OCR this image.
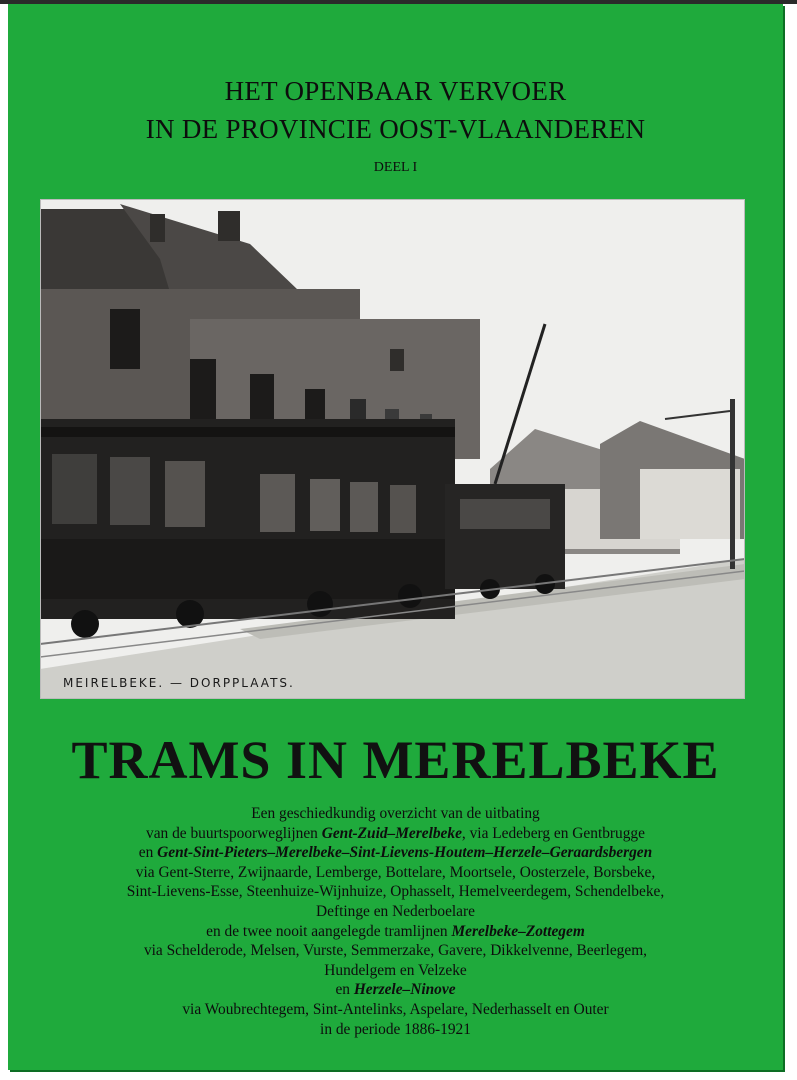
HET OPENBAAR VERVOER
IN DE PROVINCIE OOST-VLAANDEREN
DEEL I
MEIRELBEKE. — DORPPLAATS.
TRAMS IN MERELBEKE
Een geschiedkundig overzicht van de uitbating
van de buurtspoorweglijnen Gent-Zuid–Merelbeke, via Ledeberg en Gentbrugge
en Gent-Sint-Pieters–Merelbeke–Sint-Lievens-Houtem–Herzele–Geraardsbergen
via Gent-Sterre, Zwijnaarde, Lemberge, Bottelare, Moortsele, Oosterzele, Borsbeke,
Sint-Lievens-Esse, Steenhuize-Wijnhuize, Ophasselt, Hemelveerdegem, Schendelbeke,
Deftinge en Nederboelare
en de twee nooit aangelegde tramlijnen Merelbeke–Zottegem
via Schelderode, Melsen, Vurste, Semmerzake, Gavere, Dikkelvenne, Beerlegem,
Hundelgem en Velzeke
en Herzele–Ninove
via Woubrechtegem, Sint-Antelinks, Aspelare, Nederhasselt en Outer
in de periode 1886-1921
